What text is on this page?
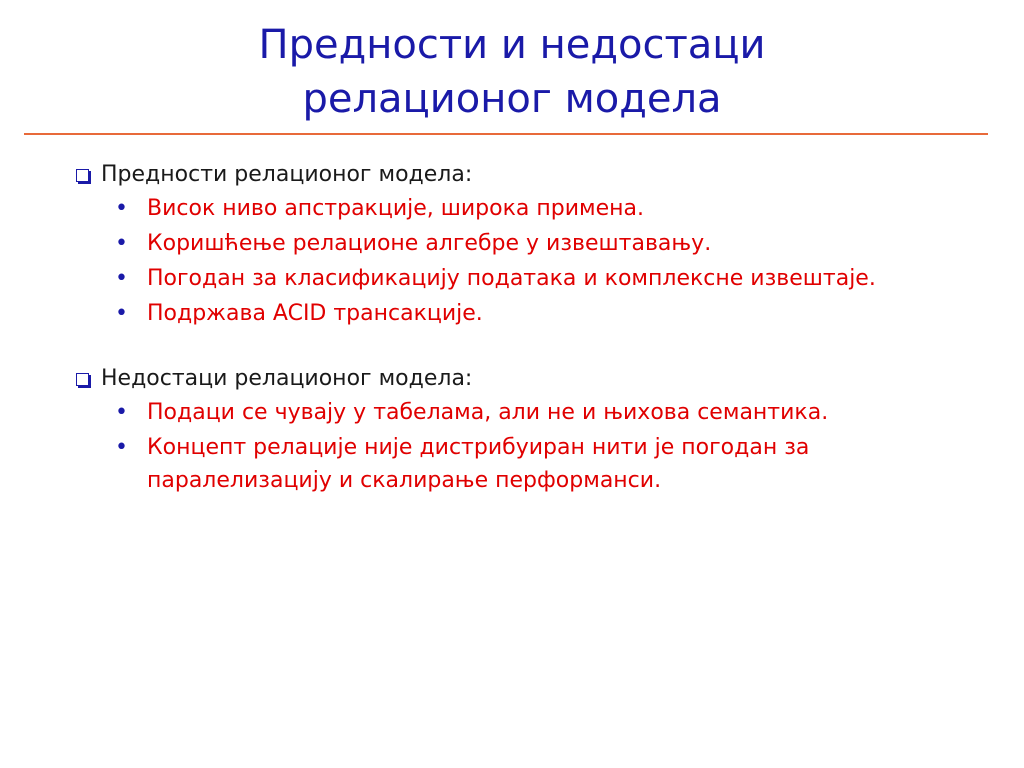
Предности и недостаци
релационог модела
Предности релационог модела:
• Висок ниво апстракције, широка примена.
• Коришћење релационе алгебре у извештавању.
• Погодан за класификацију података и комплексне извештаје.
• Подржава ACID трансакције.
Недостаци релационог модела:
• Подаци се чувају у табелама, али не и њихова семантика.
• Концепт релације није дистрибуиран нити је погодан за паралелизацију и скалирање перформанси.
